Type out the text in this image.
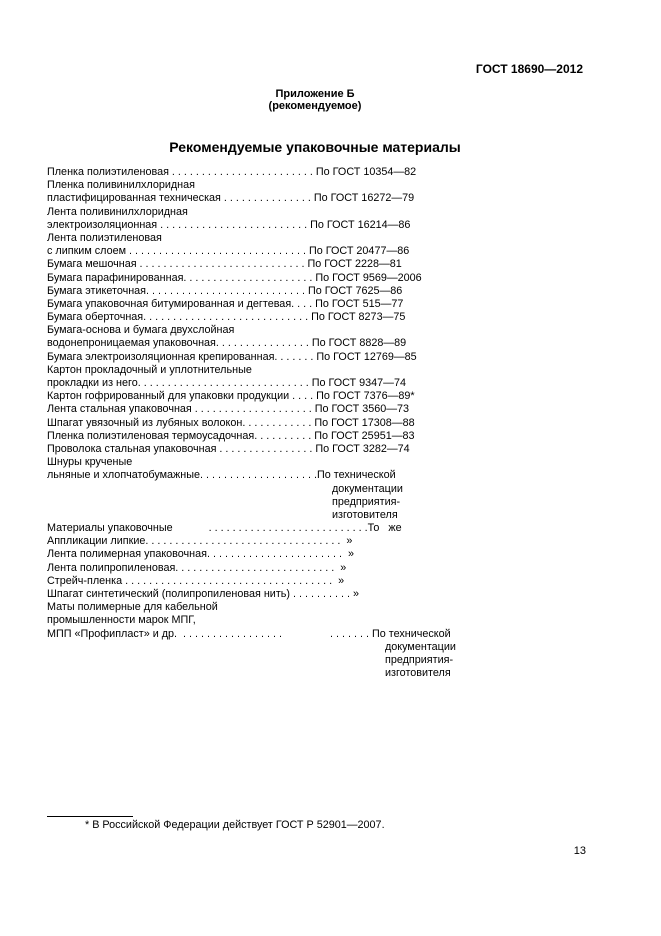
ГОСТ 18690—2012
Приложение Б
(рекомендуемое)
Рекомендуемые упаковочные материалы
Пленка полиэтиленовая . . . . . . . . . . . . . . . . . . . . . . . . По ГОСТ 10354—82
Пленка поливинилхлоридная
пластифицированная техническая . . . . . . . . . . . . . . . По ГОСТ 16272—79
Лента поливинилхлоридная
электроизоляционная . . . . . . . . . . . . . . . . . . . . . . . . . По ГОСТ 16214—86
Лента полиэтиленовая
с липким слоем . . . . . . . . . . . . . . . . . . . . . . . . . . . . . . По ГОСТ 20477—86
Бумага мешочная . . . . . . . . . . . . . . . . . . . . . . . . . . . . По ГОСТ 2228—81
Бумага парафинированная. . . . . . . . . . . . . . . . . . . . . . По ГОСТ 9569—2006
Бумага этикеточная. . . . . . . . . . . . . . . . . . . . . . . . . . . По ГОСТ 7625—86
Бумага упаковочная битумированная и дегтевая. . . . По ГОСТ 515—77
Бумага оберточная. . . . . . . . . . . . . . . . . . . . . . . . . . . . По ГОСТ 8273—75
Бумага-основа и бумага двухслойная
водонепроницаемая упаковочная. . . . . . . . . . . . . . . . По ГОСТ 8828—89
Бумага электроизоляционная крепированная. . . . . . . По ГОСТ 12769—85
Картон прокладочный и уплотнительные
прокладки из него. . . . . . . . . . . . . . . . . . . . . . . . . . . . . По ГОСТ 9347—74
Картон гофрированный для упаковки продукции . . . . По ГОСТ 7376—89*
Лента стальная упаковочная . . . . . . . . . . . . . . . . . . . . По ГОСТ 3560—73
Шпагат увязочный из лубяных волокон. . . . . . . . . . . . По ГОСТ 17308—88
Пленка полиэтиленовая термоусадочная. . . . . . . . . . По ГОСТ 25951—83
Проволока стальная упаковочная . . . . . . . . . . . . . . . . По ГОСТ 3282—74
Шнуры крученые
льняные и хлопчатобумажные. . . . . . . . . . . . . . . . . . . .По технической
документации
предприятия-
изготовителя
Материалы упаковочные            . . . . . . . . . . . . . . . . . . . . . . . . . . .То   же
Аппликации липкие. . . . . . . . . . . . . . . . . . . . . . . . . . . . . . . . .  »
Лента полимерная упаковочная. . . . . . . . . . . . . . . . . . . . . . .  »
Лента полипропиленовая. . . . . . . . . . . . . . . . . . . . . . . . . . .  »
Стрейч-пленка . . . . . . . . . . . . . . . . . . . . . . . . . . . . . . . . . . .  »
Шпагат синтетический (полипропиленовая нить) . . . . . . . . . . »
Маты полимерные для кабельной
промышленности марок МПГ,
МПП «Профипласт» и др.  . . . . . . . . . . . . . . . . .                . . . . . . . По технической
документации
предприятия-
изготовителя
* В Российской Федерации действует ГОСТ Р 52901—2007.
13
